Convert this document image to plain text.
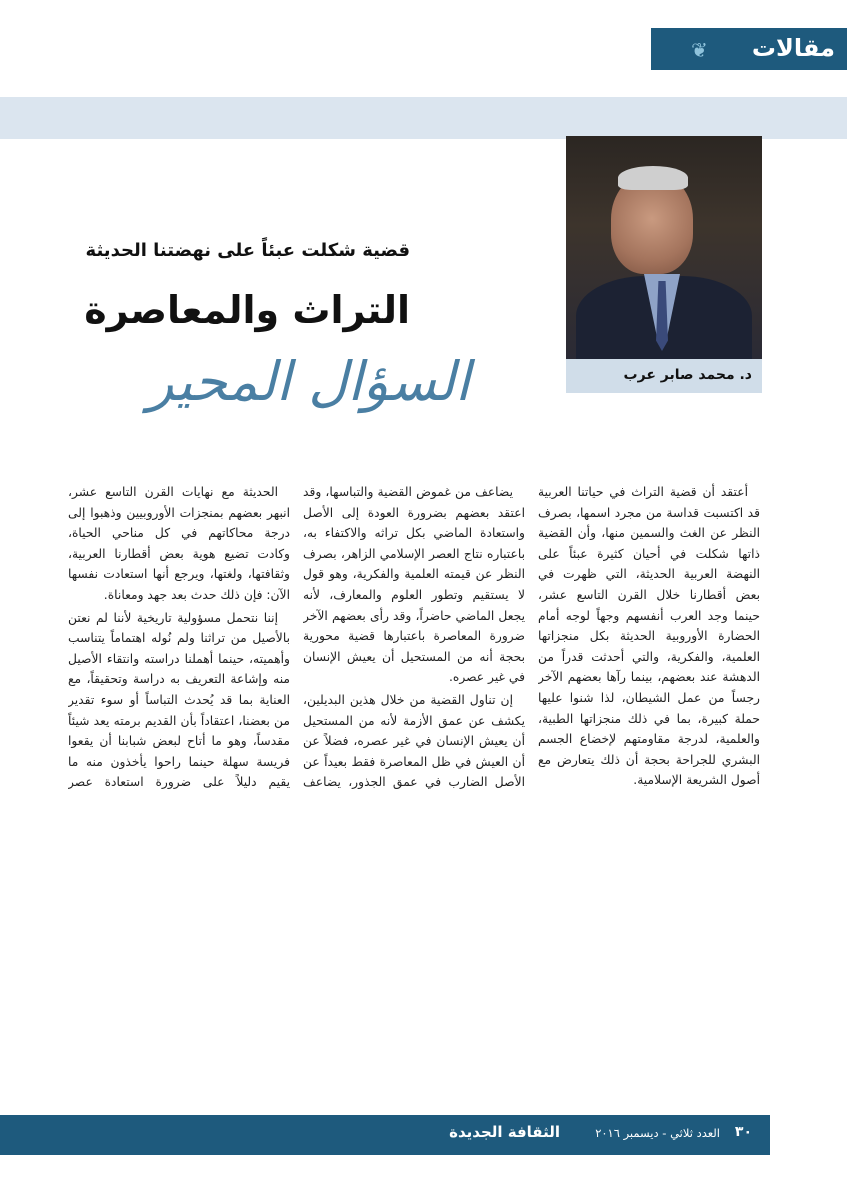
❦ مقالات
د. محمد صابر عرب
قضية شكلت عبئاً على نهضتنا الحديثة
التراث والمعاصرة
السؤال المحير

أعتقد أن قضية التراث في حياتنا العربية قد اكتسبت قداسة من مجرد اسمها، بصرف النظر عن الغث والسمين منها، وأن القضية ذاتها شكلت في أحيان كثيرة عبئاً على النهضة العربية الحديثة، التي ظهرت في بعض أقطارنا خلال القرن التاسع عشر، حينما وجد العرب أنفسهم وجهاً لوجه أمام الحضارة الأوروبية الحديثة بكل منجزاتها العلمية، والفكرية، والتي أحدثت قدراً من الدهشة عند بعضهم، بينما رآها بعضهم الآخر رجساً من عمل الشيطان، لذا شنوا عليها حملة كبيرة، بما في ذلك منجزاتها الطبية، والعلمية، لدرجة مقاومتهم لإخضاع الجسم البشري للجراحة بحجة أن ذلك يتعارض مع أصول الشريعة الإسلامية.

يضاعف من غموض القضية والتباسها، وقد اعتقد بعضهم بضرورة العودة إلى الأصل واستعادة الماضي بكل تراثه والاكتفاء به، باعتباره نتاج العصر الإسلامي الزاهر، بصرف النظر عن قيمته العلمية والفكرية، وهو قول لا يستقيم وتطور العلوم والمعارف، لأنه يجعل الماضي حاضراً، وقد رأى بعضهم الآخر ضرورة المعاصرة باعتبارها قضية محورية بحجة أنه من المستحيل أن يعيش الإنسان في غير عصره.

إن تناول القضية من خلال هذين البديلين، يكشف عن عمق الأزمة لأنه من المستحيل أن يعيش الإنسان في غير عصره، فضلاً عن أن العيش في ظل المعاصرة فقط بعيداً عن الأصل الضارب في عمق الجذور، يضاعف

الحديثة مع نهايات القرن التاسع عشر، انبهر بعضهم بمنجزات الأوروبيين وذهبوا إلى درجة محاكاتهم في كل مناحي الحياة، وكادت تضيع هوية بعض أقطارنا العربية، وثقافتها، ولغتها، ويرجع أنها استعادت نفسها الآن: فإن ذلك حدث بعد جهد ومعاناة.

إننا نتحمل مسؤولية تاريخية لأننا لم نعتن بالأصيل من تراثنا ولم نُوله اهتماماً يتناسب وأهميته، حينما أهملنا دراسته وانتقاء الأصيل منه وإشاعة التعريف به دراسة وتحقيقاً، مع العناية بما قد يُحدث التباساً أو سوء تقدير من بعضنا، اعتقاداً بأن القديم برمته يعد شيئاً مقدساً، وهو ما أتاح لبعض شبابنا أن يقعوا فريسة سهلة حينما راحوا يأخذون منه ما يقيم دليلاً على ضرورة استعادة عصر

٣٠
العدد ثلاثي - ديسمبر ٢٠١٦
الثقافة الجديدة
